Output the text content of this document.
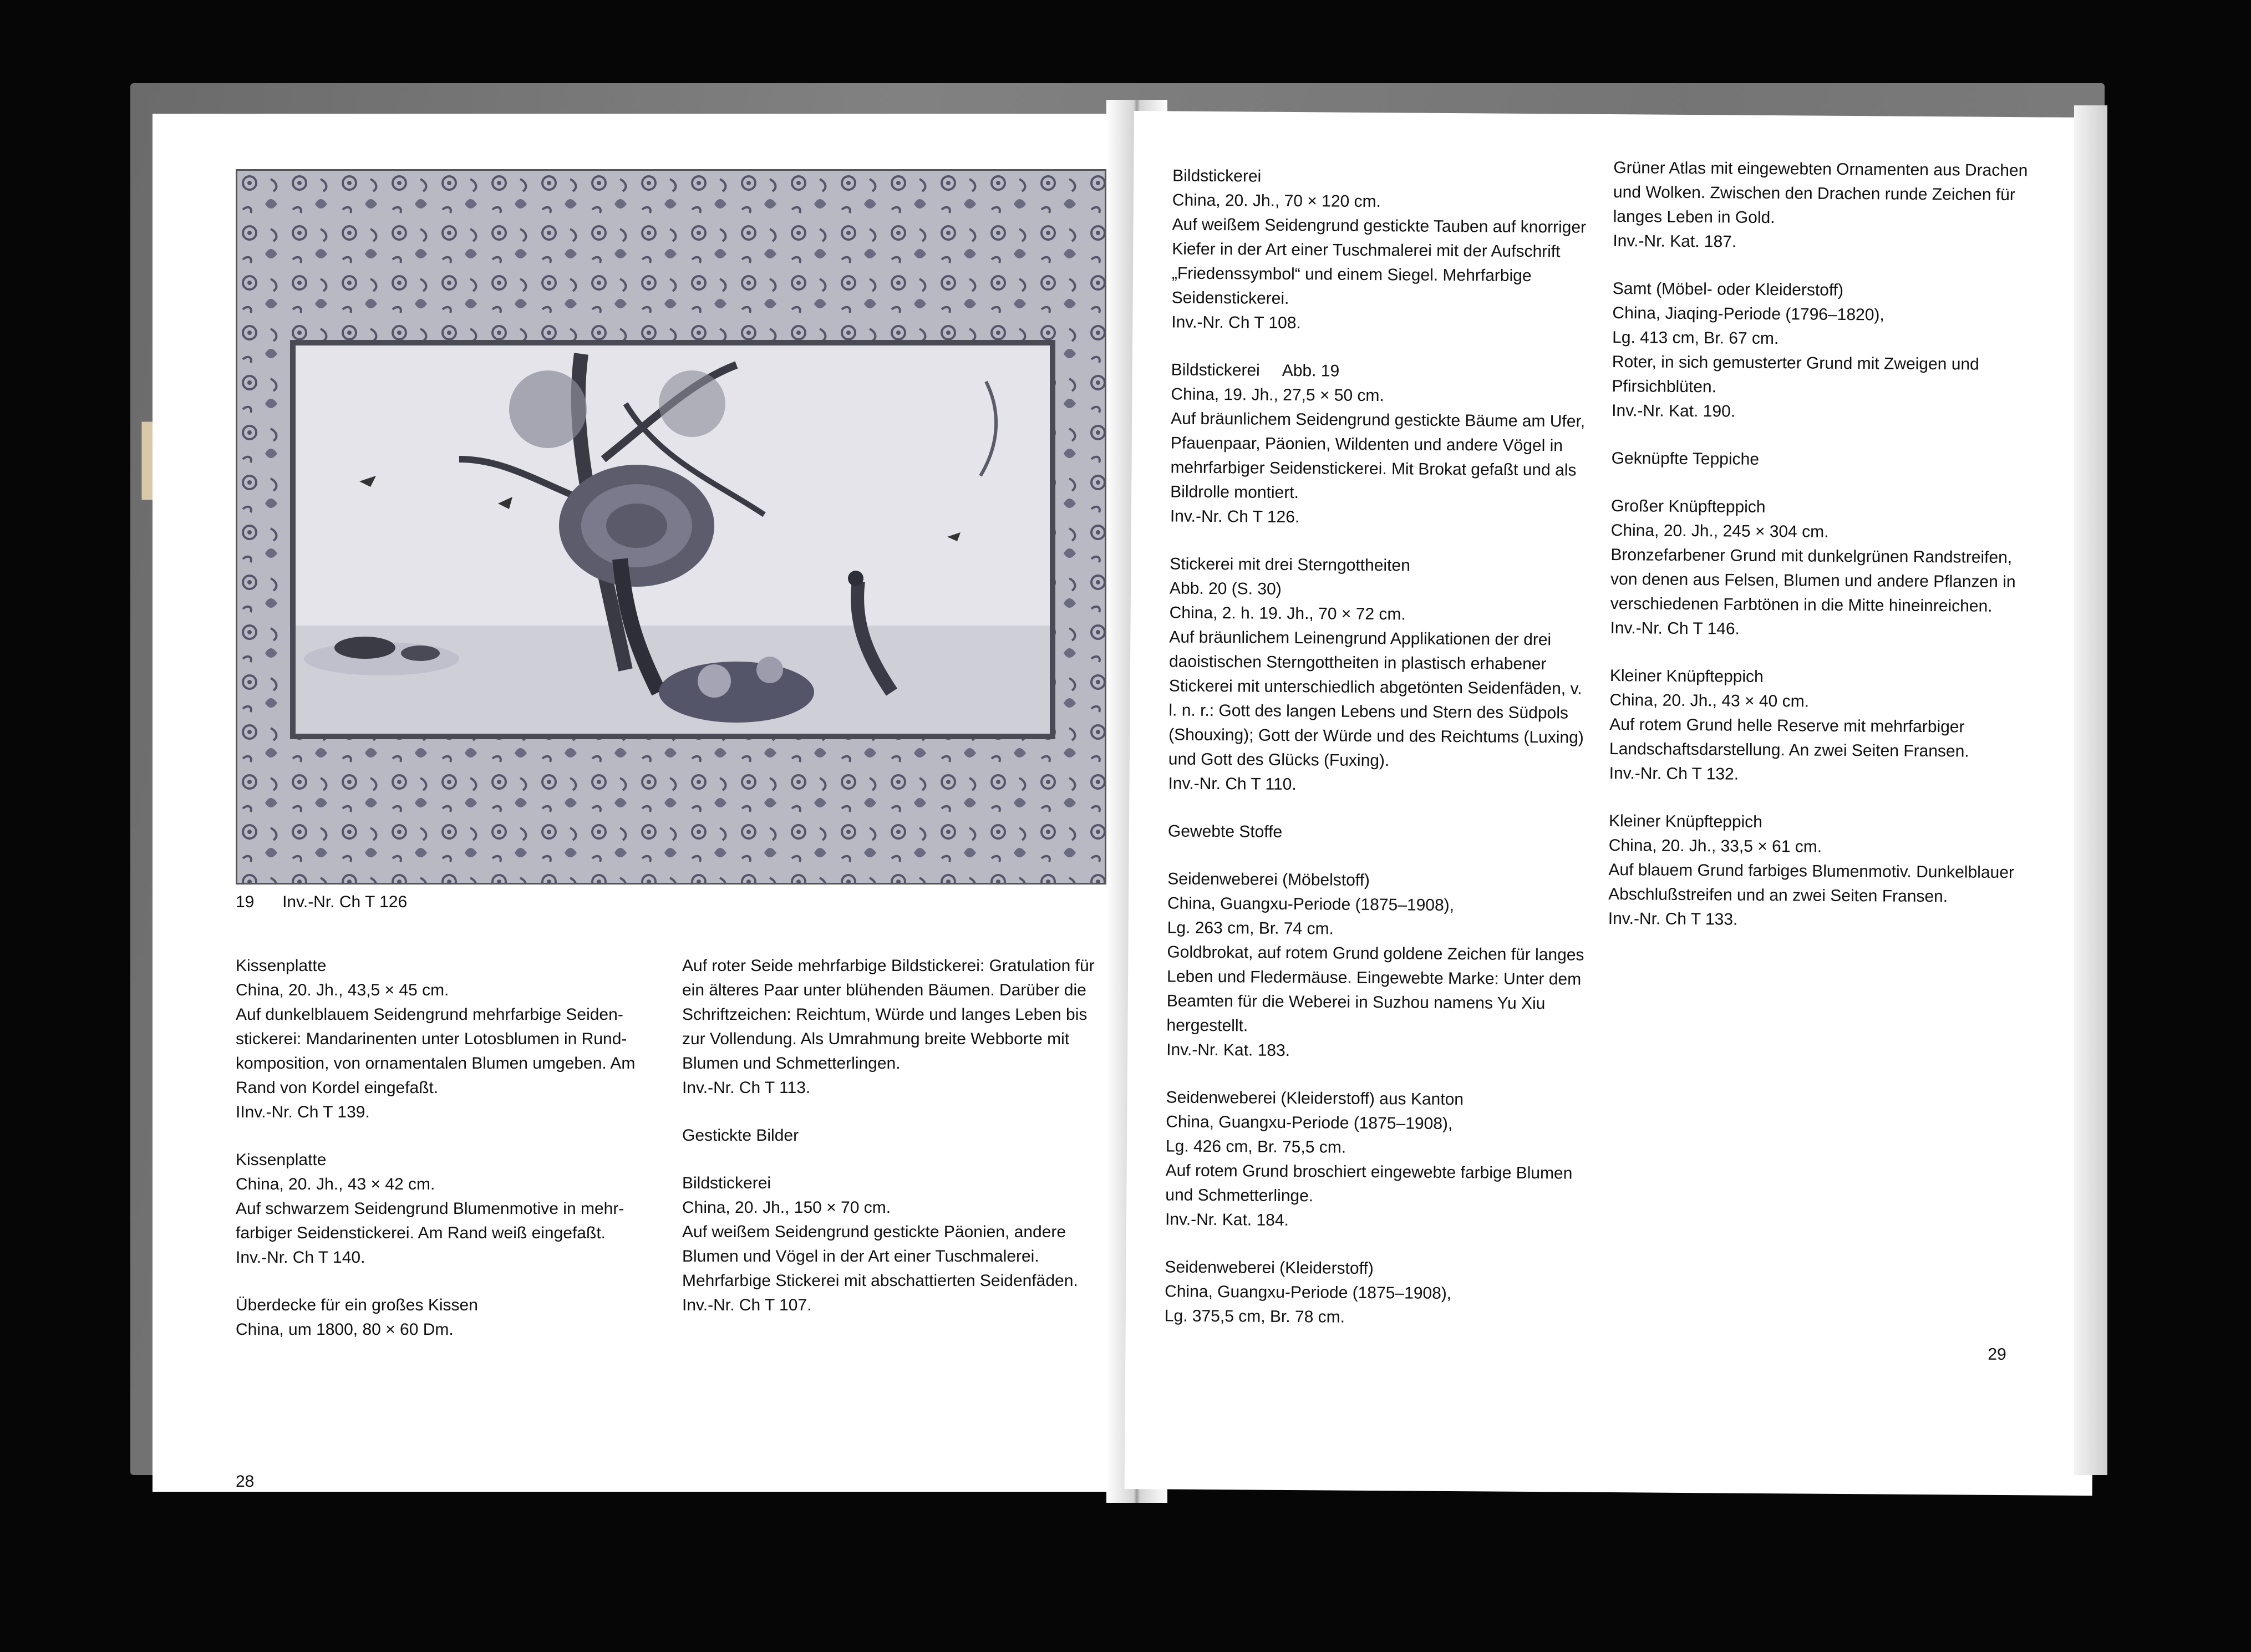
19 Inv.-Nr. Ch T 126
Kissenplatte
China, 20. Jh., 43,5 × 45 cm.
Auf dunkelblauem Seidengrund mehrfarbige Seidenstickerei: Mandarinenten unter Lotosblumen in Rundkomposition, von ornamentalen Blumen umgeben. Am Rand von Kordel eingefaßt.
IInv.-Nr. Ch T 139.
Kissenplatte
China, 20. Jh., 43 × 42 cm.
Auf schwarzem Seidengrund Blumenmotive in mehrfarbiger Seidenstickerei. Am Rand weiß eingefaßt.
Inv.-Nr. Ch T 140.
Überdecke für ein großes Kissen
China, um 1800, 80 × 60 Dm.
Auf roter Seide mehrfarbige Bildstickerei: Gratulation für ein älteres Paar unter blühenden Bäumen. Darüber die Schriftzeichen: Reichtum, Würde und langes Leben bis zur Vollendung. Als Umrahmung breite Webborte mit Blumen und Schmetterlingen.
Inv.-Nr. Ch T 113.
Gestickte Bilder
Bildstickerei
China, 20. Jh., 150 × 70 cm.
Auf weißem Seidengrund gestickte Päonien, andere Blumen und Vögel in der Art einer Tuschmalerei. Mehrfarbige Stickerei mit abschattierten Seidenfäden.
Inv.-Nr. Ch T 107.
28
Bildstickerei
China, 20. Jh., 70 × 120 cm.
Auf weißem Seidengrund gestickte Tauben auf knorriger Kiefer in der Art einer Tuschmalerei mit der Aufschrift „Friedenssymbol“ und einem Siegel. Mehrfarbige Seidenstickerei.
Inv.-Nr. Ch T 108.
Bildstickerei     Abb. 19
China, 19. Jh., 27,5 × 50 cm.
Auf bräunlichem Seidengrund gestickte Bäume am Ufer, Pfauenpaar, Päonien, Wildenten und andere Vögel in mehrfarbiger Seidenstickerei. Mit Brokat gefaßt und als Bildrolle montiert.
Inv.-Nr. Ch T 126.
Stickerei mit drei Sterngottheiten
Abb. 20 (S. 30)
China, 2. h. 19. Jh., 70 × 72 cm.
Auf bräunlichem Leinengrund Applikationen der drei daoistischen Sterngottheiten in plastisch erhabener Stickerei mit unterschiedlich abgetönten Seidenfäden, v. l. n. r.: Gott des langen Lebens und Stern des Südpols (Shouxing); Gott der Würde und des Reichtums (Luxing) und Gott des Glücks (Fuxing).
Inv.-Nr. Ch T 110.
Gewebte Stoffe
Seidenweberei (Möbelstoff)
China, Guangxu-Periode (1875–1908),
Lg. 263 cm, Br. 74 cm.
Goldbrokat, auf rotem Grund goldene Zeichen für langes Leben und Fledermäuse. Eingewebte Marke: Unter dem Beamten für die Weberei in Suzhou namens Yu Xiu hergestellt.
Inv.-Nr. Kat. 183.
Seidenweberei (Kleiderstoff) aus Kanton
China, Guangxu-Periode (1875–1908),
Lg. 426 cm, Br. 75,5 cm.
Auf rotem Grund broschiert eingewebte farbige Blumen und Schmetterlinge.
Inv.-Nr. Kat. 184.
Seidenweberei (Kleiderstoff)
China, Guangxu-Periode (1875–1908),
Lg. 375,5 cm, Br. 78 cm.
Grüner Atlas mit eingewebten Ornamenten aus Drachen und Wolken. Zwischen den Drachen runde Zeichen für langes Leben in Gold.
Inv.-Nr. Kat. 187.
Samt (Möbel- oder Kleiderstoff)
China, Jiaqing-Periode (1796–1820),
Lg. 413 cm, Br. 67 cm.
Roter, in sich gemusterter Grund mit Zweigen und Pfirsichblüten.
Inv.-Nr. Kat. 190.
Geknüpfte Teppiche
Großer Knüpfteppich
China, 20. Jh., 245 × 304 cm.
Bronzefarbener Grund mit dunkelgrünen Randstreifen, von denen aus Felsen, Blumen und andere Pflanzen in verschiedenen Farbtönen in die Mitte hineinreichen.
Inv.-Nr. Ch T 146.
Kleiner Knüpfteppich
China, 20. Jh., 43 × 40 cm.
Auf rotem Grund helle Reserve mit mehrfarbiger Landschaftsdarstellung. An zwei Seiten Fransen.
Inv.-Nr. Ch T 132.
Kleiner Knüpfteppich
China, 20. Jh., 33,5 × 61 cm.
Auf blauem Grund farbiges Blumenmotiv. Dunkelblauer Abschlußstreifen und an zwei Seiten Fransen.
Inv.-Nr. Ch T 133.
29
